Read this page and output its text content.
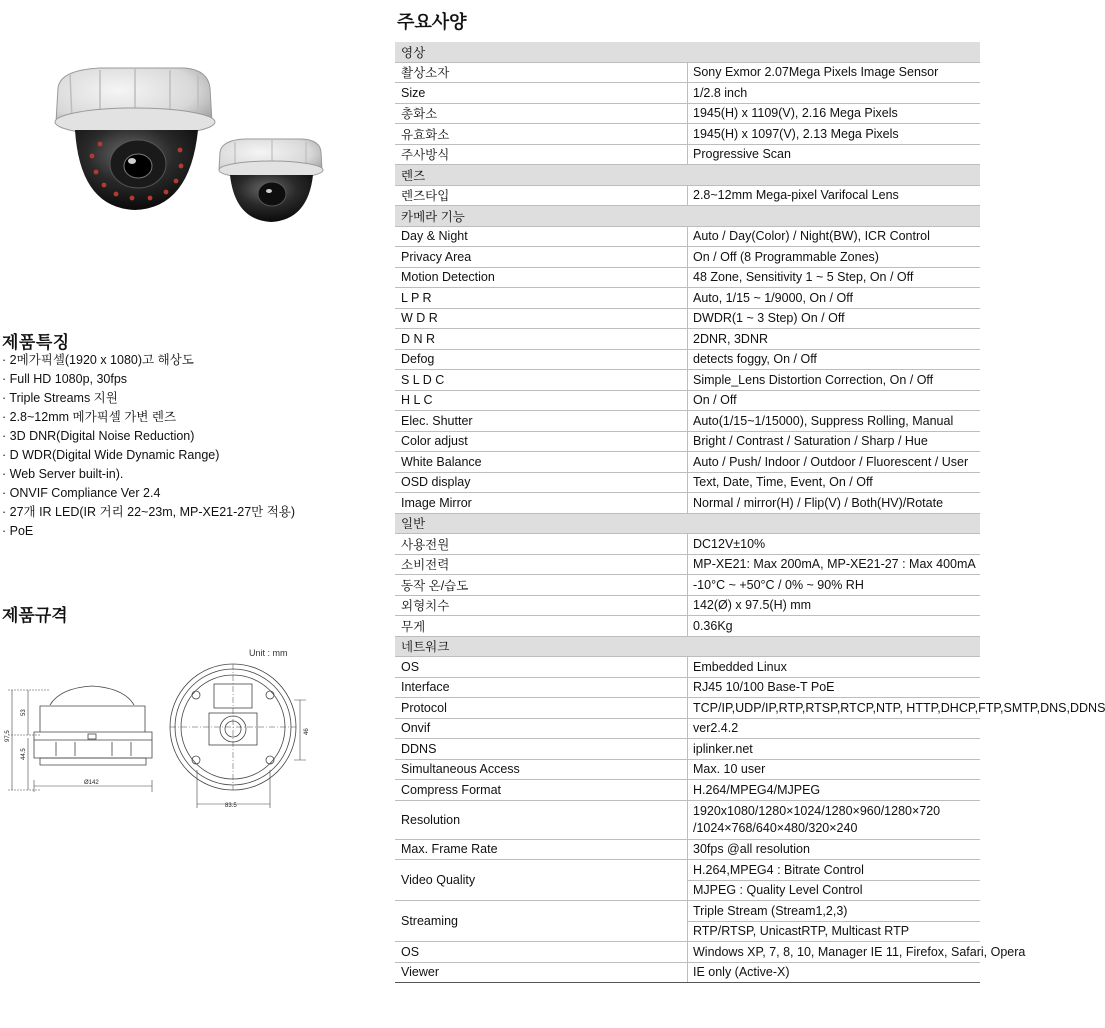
제품특징
· 2메가픽셀(1920 x 1080)고 해상도
· Full HD 1080p, 30fps
· Triple Streams 지원
· 2.8~12mm 메가픽셀 가변 렌즈
· 3D DNR(Digital Noise Reduction)
· D WDR(Digital Wide Dynamic Range)
· Web Server built-in).
· ONVIF Compliance Ver 2.4
· 27개 IR LED(IR 거리 22~23m, MP-XE21-27만 적용)
· PoE
제품규격
Unit : mm
97.5
53
44.5
Ø142
83.5
46
주요사양
영상	
촬상소자	Sony Exmor 2.07Mega Pixels Image Sensor
Size	1/2.8 inch
총화소	1945(H) x 1109(V), 2.16 Mega Pixels
유효화소	1945(H) x 1097(V), 2.13 Mega Pixels
주사방식	Progressive Scan
렌즈	
렌즈타입	2.8~12mm Mega-pixel Varifocal Lens
카메라 기능	
Day & Night	Auto / Day(Color) / Night(BW), ICR Control
Privacy Area	On / Off (8 Programmable Zones)
Motion Detection	48 Zone, Sensitivity 1 ~ 5 Step, On / Off
L P R	Auto, 1/15 ~ 1/9000, On / Off
W D R	DWDR(1 ~ 3 Step) On / Off
D N R	2DNR, 3DNR
Defog	detects foggy, On / Off
S L D C	Simple_Lens Distortion Correction, On / Off
H L C	On / Off
Elec. Shutter	Auto(1/15~1/15000), Suppress Rolling, Manual
Color adjust	Bright / Contrast / Saturation / Sharp / Hue
White Balance	Auto / Push/ Indoor / Outdoor / Fluorescent / User
OSD display	Text, Date, Time, Event, On / Off
Image Mirror	Normal / mirror(H) / Flip(V) / Both(HV)/Rotate
일반	
사용전원	DC12V±10%
소비전력	MP-XE21: Max 200mA, MP-XE21-27 : Max 400mA
동작 온/습도	-10°C ~ +50°C / 0% ~ 90% RH
외형치수	142(Ø) x 97.5(H) mm
무게	0.36Kg
네트워크	
OS	Embedded Linux
Interface	RJ45 10/100 Base-T PoE
Protocol	TCP/IP,UDP/IP,RTP,RTSP,RTCP,NTP, HTTP,DHCP,FTP,SMTP,DNS,DDNS
Onvif	ver2.4.2
DDNS	iplinker.net
Simultaneous Access	Max. 10 user
Compress Format	H.264/MPEG4/MJPEG
Resolution	1920x1080/1280×1024/1280×960/1280×720
/1024×768/640×480/320×240

Max. Frame Rate	30fps @all resolution
Video Quality	H.264,MPEG4 : Bitrate Control
	MJPEG : Quality Level Control
Streaming	Triple Stream (Stream1,2,3)
	RTP/RTSP, UnicastRTP, Multicast RTP
OS	Windows XP, 7, 8, 10, Manager IE 11, Firefox, Safari, Opera
Viewer	IE only (Active-X)
